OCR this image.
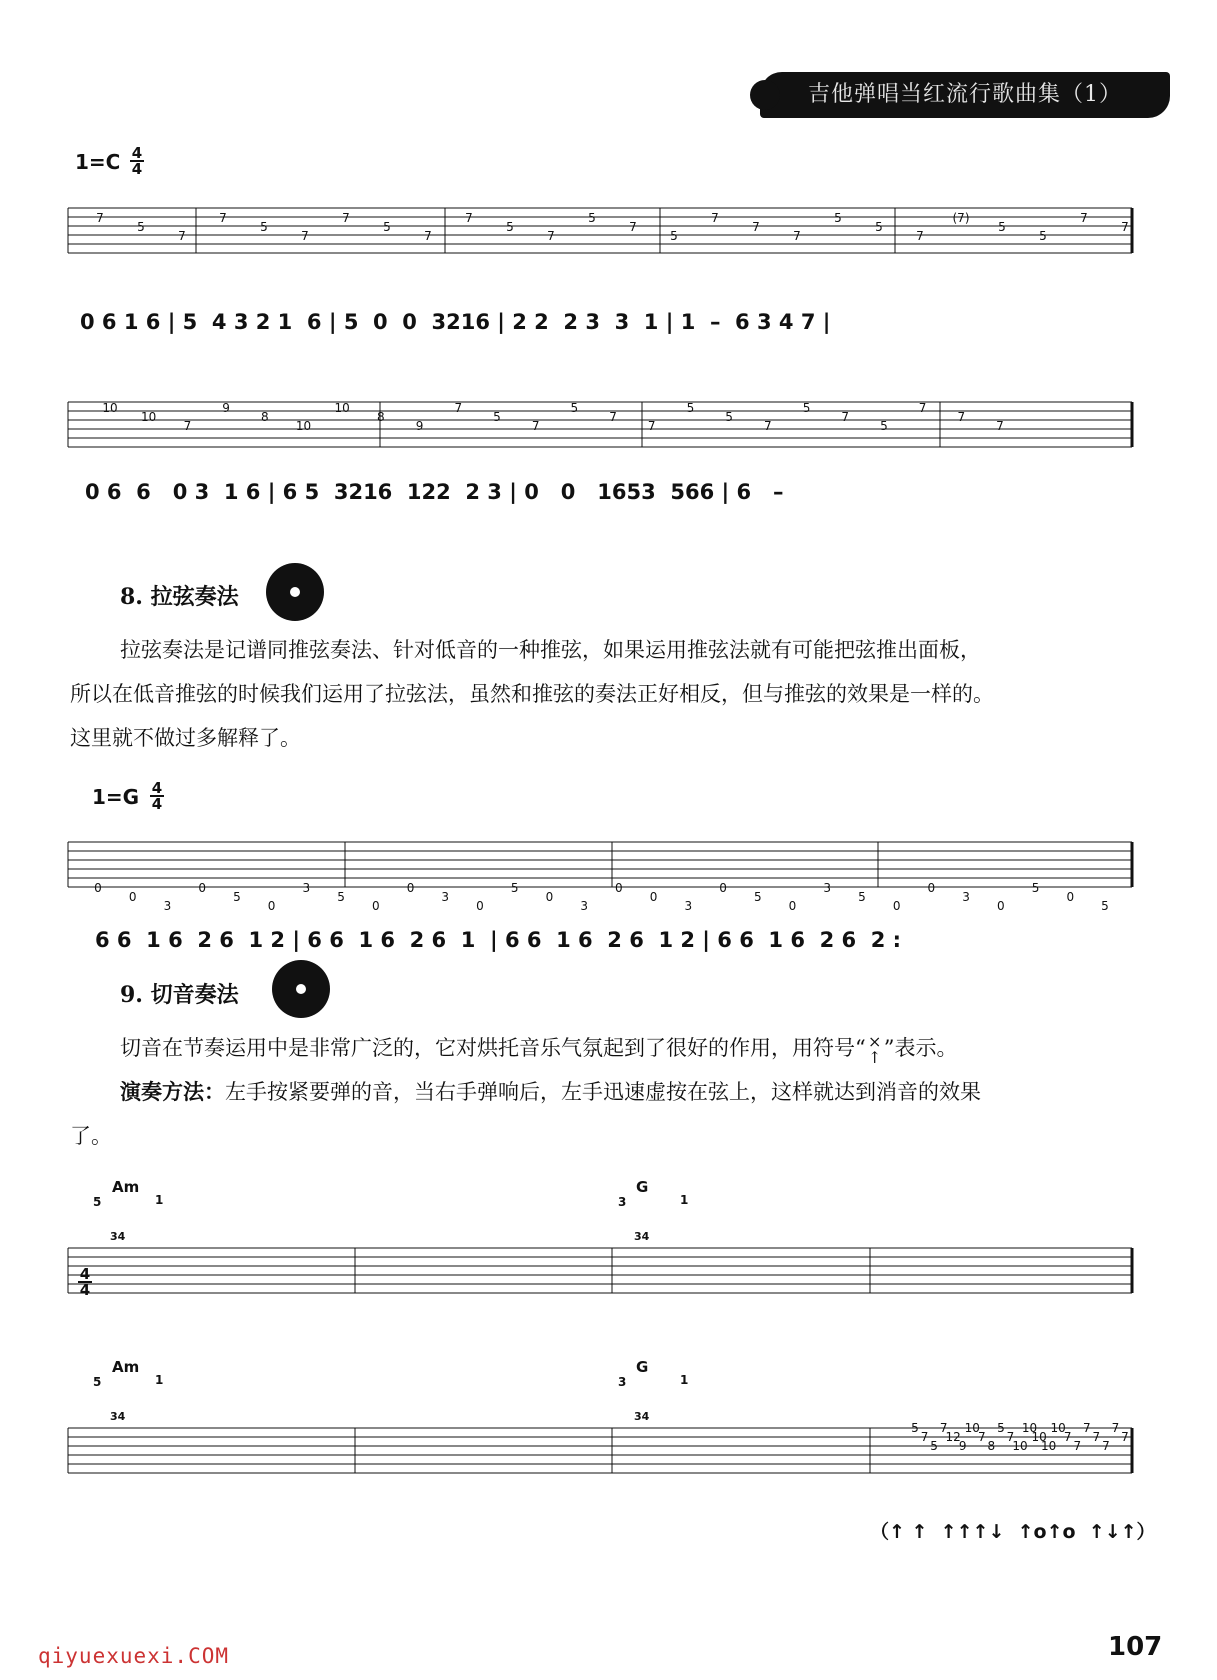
吉他弹唱当红流行歌曲集（1）
1=C 4
4
7
5
7
7
5
7
7
5
7
7
5
7
5
7
5
7
7
7
5
5
7
(7)
5
5
7
7
10
10
7
9
8
10
10
8
9
7
5
7
5
7
7
5
5
7
5
7
5
7
7
7
0
0
3
0
5
0
3
5
0
0
3
0
5
0
3
0
0
3
0
5
0
3
5
0
0
3
0
5
0
5
5
7
5
7
12
9
10
7
8
5
7
10
10
10
10
10
7
7
7
7
7
7
7
0 6 1 6 | 5  4 3 2 1  6 | 5  0  0  3216 | 2 2  2 3  3  1 | 1  –  6 3 4 7 |
0 6  6   0 3  1 6 | 6 5  3216  122  2 3 | 0   0   1653  566 | 6   –
8. 拉弦奏法
拉弦奏法是记谱同推弦奏法、针对低音的一种推弦，如果运用推弦法就有可能把弦推出面板，
所以在低音推弦的时候我们运用了拉弦法，虽然和推弦的奏法正好相反，但与推弦的效果是一样的。
这里就不做过多解释了。
1=G 4
4
6 6  1 6  2 6  1 2 | 6 6  1 6  2 6  1  | 6 6  1 6  2 6  1 2 | 6 6  1 6  2 6  2 :
9. 切音奏法
切音在节奏运用中是非常广泛的，它对烘托音乐气氛起到了很好的作用，用符号“ ×
↑ ”表示。
演奏方法：左手按紧要弹的音，当右手弹响后，左手迅速虚按在弦上，这样就达到消音的效果
了。
Am	G
Am	G
5	3
5	3
1	1
1	1
34	34
34	34
4
4
（↑ ↑  ↑↑↑↓  ↑o↑o  ↑↓↑）
107
qiyuexuexi.COM
